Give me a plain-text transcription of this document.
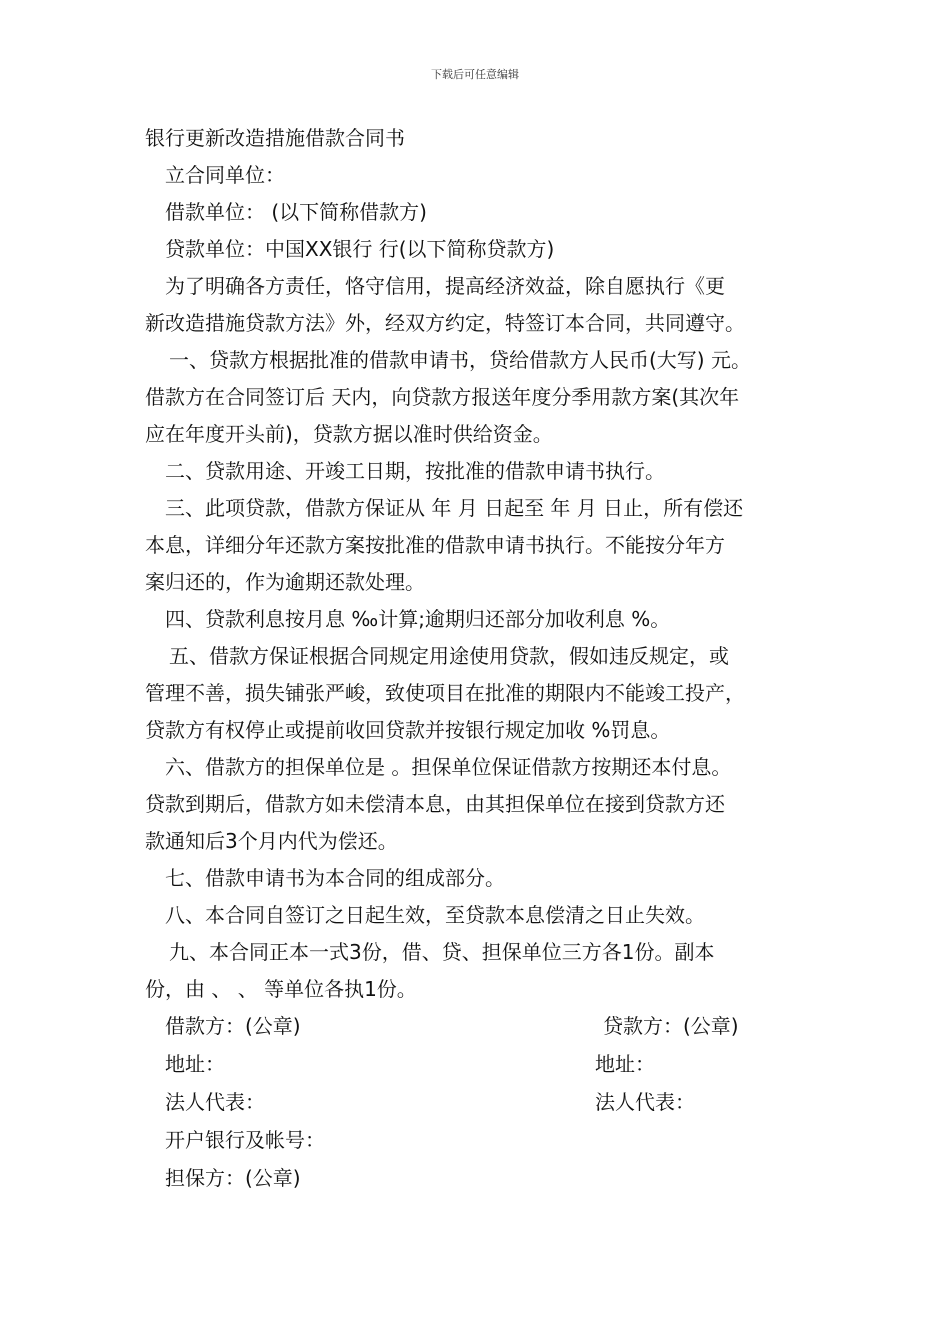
下载后可任意编辑
银行更新改造措施借款合同书
立合同单位：
借款单位： (以下简称借款方)
贷款单位：中国XX银行 行(以下简称贷款方)
为了明确各方责任，恪守信用，提高经济效益，除自愿执行《更
新改造措施贷款方法》外，经双方约定，特签订本合同，共同遵守。
一、贷款方根据批准的借款申请书，贷给借款方人民币(大写) 元。
借款方在合同签订后 天内，向贷款方报送年度分季用款方案(其次年
应在年度开头前)，贷款方据以准时供给资金。
二、贷款用途、开竣工日期，按批准的借款申请书执行。
三、此项贷款，借款方保证从 年 月 日起至 年 月 日止，所有偿还
本息，详细分年还款方案按批准的借款申请书执行。不能按分年方
案归还的，作为逾期还款处理。
四、贷款利息按月息 ‰计算;逾期归还部分加收利息 %。
五、借款方保证根据合同规定用途使用贷款，假如违反规定，或
管理不善，损失铺张严峻，致使项目在批准的期限内不能竣工投产，
贷款方有权停止或提前收回贷款并按银行规定加收 %罚息。
六、借款方的担保单位是 。担保单位保证借款方按期还本付息。
贷款到期后，借款方如未偿清本息，由其担保单位在接到贷款方还
款通知后3个月内代为偿还。
七、借款申请书为本合同的组成部分。
八、本合同自签订之日起生效，至贷款本息偿清之日止失效。
九、本合同正本一式3份，借、贷、担保单位三方各1份。副本
份，由 、 、 等单位各执1份。
借款方：(公章)	贷款方：(公章)
地址：	地址：
法人代表：	法人代表：
开户银行及帐号：
担保方：(公章)
